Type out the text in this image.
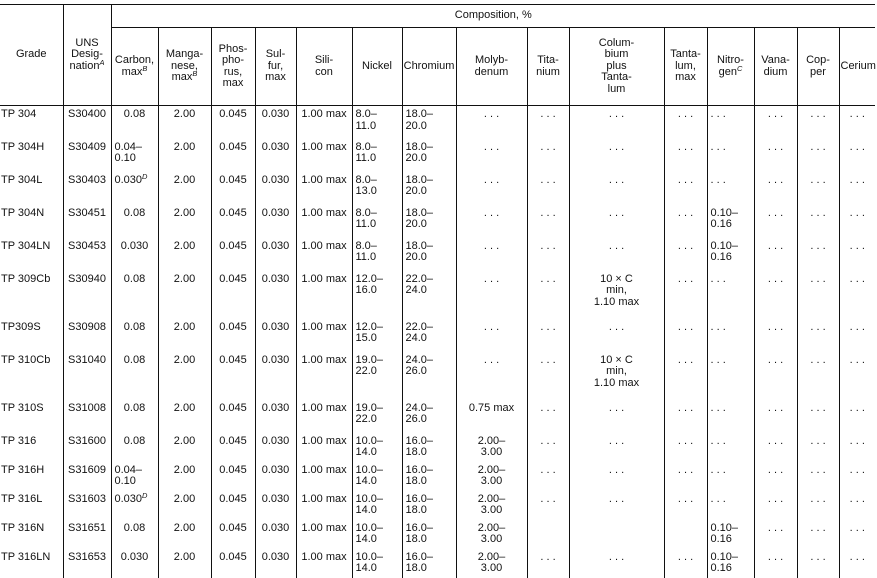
Grade	UNS
Desig-
nation$^A$	Composition, %														
		Carbon,
$\max^B$	Manga-
nese,
$\max^B$	Phos-
pho-
rus,
max	Sul-
fur,
max	Sili-
con	Nickel	Chromium	Molyb-
denum	Tita-
nium	Colum-
bium
plus
Tanta-
lum	Tanta-
lum,
max	Nitro-
gen$^C$	Vana-
dium	Cop-
per	Cerium
TP 304	S30400	0.08	2.00	0.045	0.030	1.00 max	8.0–
11.0	18.0–
20.0	. . .	. . .	. . .	. . .	. . .	. . .	. . .	. . .
TP 304H	S30409	0.04–
0.10	2.00	0.045	0.030	1.00 max	8.0–
11.0	18.0–
20.0	. . .	. . .	. . .	. . .	. . .	. . .	. . .	. . .
TP 304L	S30403	$0.030^D$	2.00	0.045	0.030	1.00 max	8.0–
13.0	18.0–
20.0	. . .	. . .	. . .	. . .	. . .	. . .	. . .	. . .
TP 304N	S30451	0.08	2.00	0.045	0.030	1.00 max	8.0–
11.0	18.0–
20.0	. . .	. . .	. . .	. . .	0.10–
0.16	. . .	. . .	. . .
TP 304LN	S30453	0.030	2.00	0.045	0.030	1.00 max	8.0–
11.0	18.0–
20.0	. . .	. . .	. . .	. . .	0.10–
0.16	. . .	. . .	. . .
TP 309Cb	S30940	0.08	2.00	0.045	0.030	1.00 max	12.0–
16.0	22.0–
24.0	. . .	. . .	10 × C
min,
1.10 max	. . .	. . .	. . .	. . .	. . .
TP309S	S30908	0.08	2.00	0.045	0.030	1.00 max	12.0–
15.0	22.0–
24.0	. . .	. . .	. . .	. . .	. . .	. . .	. . .	. . .
TP 310Cb	S31040	0.08	2.00	0.045	0.030	1.00 max	19.0–
22.0	24.0–
26.0	. . .	. . .	10 × C
min,
1.10 max	. . .	. . .	. . .	. . .	. . .
TP 310S	S31008	0.08	2.00	0.045	0.030	1.00 max	19.0–
22.0	24.0–
26.0	0.75 max	. . .	. . .	. . .	. . .	. . .	. . .	. . .
TP 316	S31600	0.08	2.00	0.045	0.030	1.00 max	10.0–
14.0	16.0–
18.0	2.00–
3.00	. . .	. . .	. . .	. . .	. . .	. . .	. . .
TP 316H	S31609	0.04–
0.10	2.00	0.045	0.030	1.00 max	10.0–
14.0	16.0–
18.0	2.00–
3.00	. . .	. . .	. . .	. . .	. . .	. . .	. . .
TP 316L	S31603	$0.030^D$	2.00	0.045	0.030	1.00 max	10.0–
14.0	16.0–
18.0	2.00–
3.00	. . .	. . .	. . .	. . .	. . .	. . .	. . .
TP 316N	S31651	0.08	2.00	0.045	0.030	1.00 max	10.0–
14.0	16.0–
18.0	2.00–
3.00				0.10–
0.16	. . .	. . .	. . .
TP 316LN	S31653	0.030	2.00	0.045	0.030	1.00 max	10.0–
14.0	16.0–
18.0	2.00–
3.00	. . .	. . .	. . .	0.10–
0.16	. . .	. . .	. . .
